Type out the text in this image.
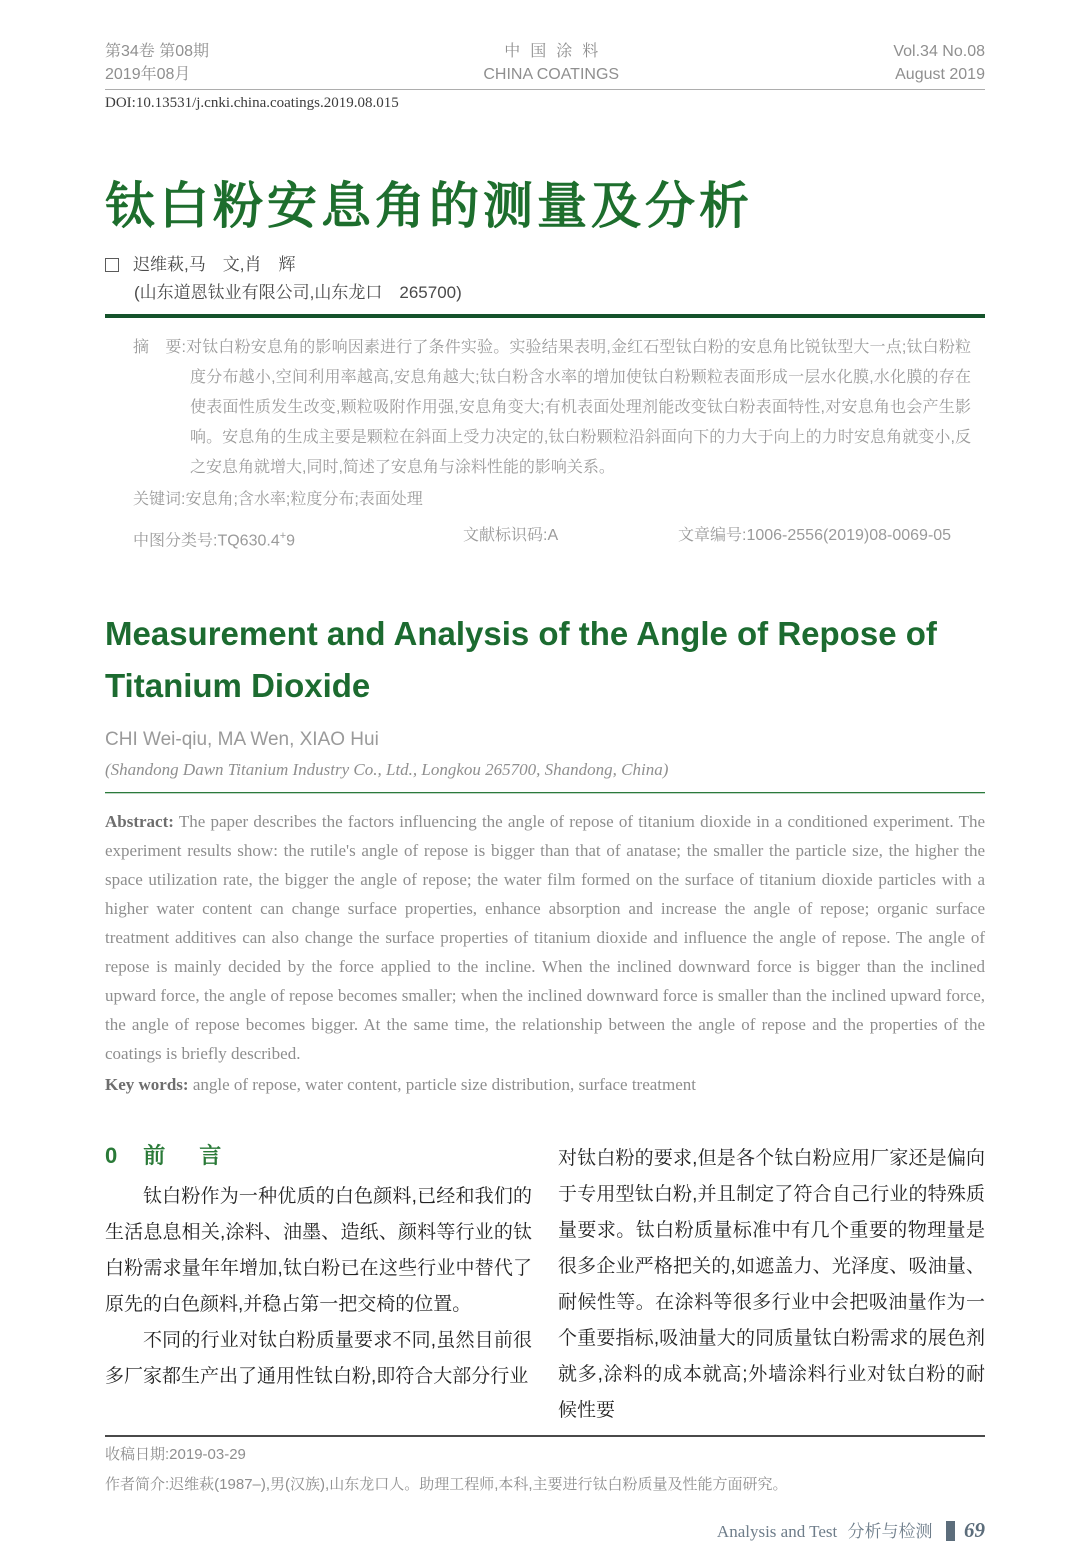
第34卷 第08期
2019年08月
中国涂料
CHINA COATINGS
Vol.34 No.08
August 2019
DOI:10.13531/j.cnki.china.coatings.2019.08.015
钛白粉安息角的测量及分析
迟维萩,马　文,肖　辉
(山东道恩钛业有限公司,山东龙口　265700)

摘　要:对钛白粉安息角的影响因素进行了条件实验。实验结果表明,金红石型钛白粉的安息角比锐钛型大一点;钛白粉粒度分布越小,空间利用率越高,安息角越大;钛白粉含水率的增加使钛白粉颗粒表面形成一层水化膜,水化膜的存在使表面性质发生改变,颗粒吸附作用强,安息角变大;有机表面处理剂能改变钛白粉表面特性,对安息角也会产生影响。安息角的生成主要是颗粒在斜面上受力决定的,钛白粉颗粒沿斜面向下的力大于向上的力时安息角就变小,反之安息角就增大,同时,简述了安息角与涂料性能的影响关系。

关键词:安息角;含水率;粒度分布;表面处理

中图分类号:TQ630.4+9	文献标识码:A	文章编号:1006-2556(2019)08-0069-05
Measurement and Analysis of the Angle of Repose of Titanium Dioxide
CHI Wei-qiu, MA Wen, XIAO Hui
(Shandong Dawn Titanium Industry Co., Ltd., Longkou 265700, Shandong, China)

Abstract: The paper describes the factors influencing the angle of repose of titanium dioxide in a conditioned experiment. The experiment results show: the rutile's angle of repose is bigger than that of anatase; the smaller the particle size, the higher the space utilization rate, the bigger the angle of repose; the water film formed on the surface of titanium dioxide particles with a higher water content can change surface properties, enhance absorption and increase the angle of repose; organic surface treatment additives can also change the surface properties of titanium dioxide and influence the angle of repose. The angle of repose is mainly decided by the force applied to the incline. When the inclined downward force is bigger than the inclined upward force, the angle of repose becomes smaller; when the inclined downward force is smaller than the inclined upward force, the angle of repose becomes bigger. At the same time, the relationship between the angle of repose and the properties of the coatings is briefly described.

Key words: angle of repose, water content, particle size distribution, surface treatment

0 前　言

钛白粉作为一种优质的白色颜料,已经和我们的生活息息相关,涂料、油墨、造纸、颜料等行业的钛白粉需求量年年增加,钛白粉已在这些行业中替代了原先的白色颜料,并稳占第一把交椅的位置。

不同的行业对钛白粉质量要求不同,虽然目前很多厂家都生产出了通用性钛白粉,即符合大部分行业

对钛白粉的要求,但是各个钛白粉应用厂家还是偏向于专用型钛白粉,并且制定了符合自己行业的特殊质量要求。钛白粉质量标准中有几个重要的物理量是很多企业严格把关的,如遮盖力、光泽度、吸油量、耐候性等。在涂料等很多行业中会把吸油量作为一个重要指标,吸油量大的同质量钛白粉需求的展色剂就多,涂料的成本就高;外墙涂料行业对钛白粉的耐候性要

收稿日期:2019-03-29

作者简介:迟维萩(1987–),男(汉族),山东龙口人。助理工程师,本科,主要进行钛白粉质量及性能方面研究。

Analysis and Test 分析与检测 69
